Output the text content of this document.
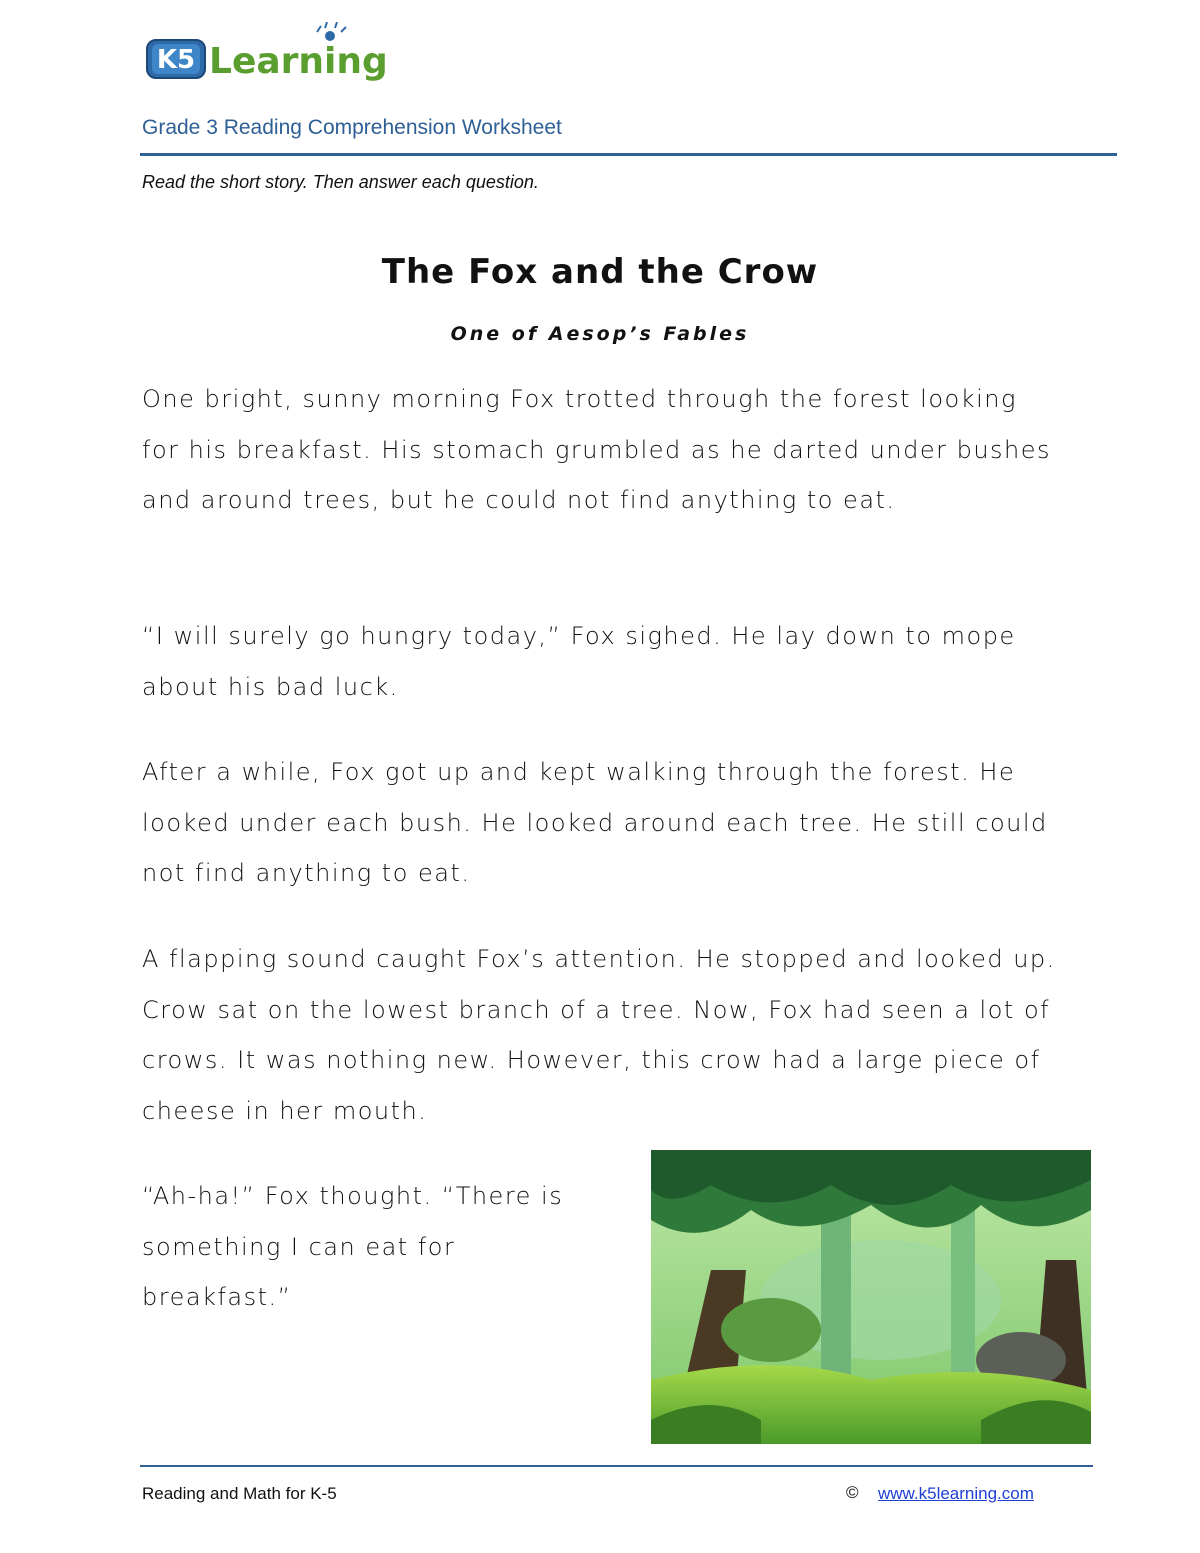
K5 Learning
Grade 3 Reading Comprehension Worksheet
Read the short story. Then answer each question.
The Fox and the Crow
One of Aesop’s Fables

One bright, sunny morning Fox trotted through the forest looking for his breakfast. His stomach grumbled as he darted under bushes and around trees, but he could not find anything to eat.

“I will surely go hungry today,” Fox sighed. He lay down to mope about his bad luck.

After a while, Fox got up and kept walking through the forest. He looked under each bush. He looked around each tree. He still could not find anything to eat.

A flapping sound caught Fox’s attention. He stopped and looked up. Crow sat on the lowest branch of a tree. Now, Fox had seen a lot of crows. It was nothing new. However, this crow had a large piece of cheese in her mouth.

“Ah-ha!” Fox thought. “There is something I can eat for breakfast.”

Reading and Math for K-5	© www.k5learning.com
